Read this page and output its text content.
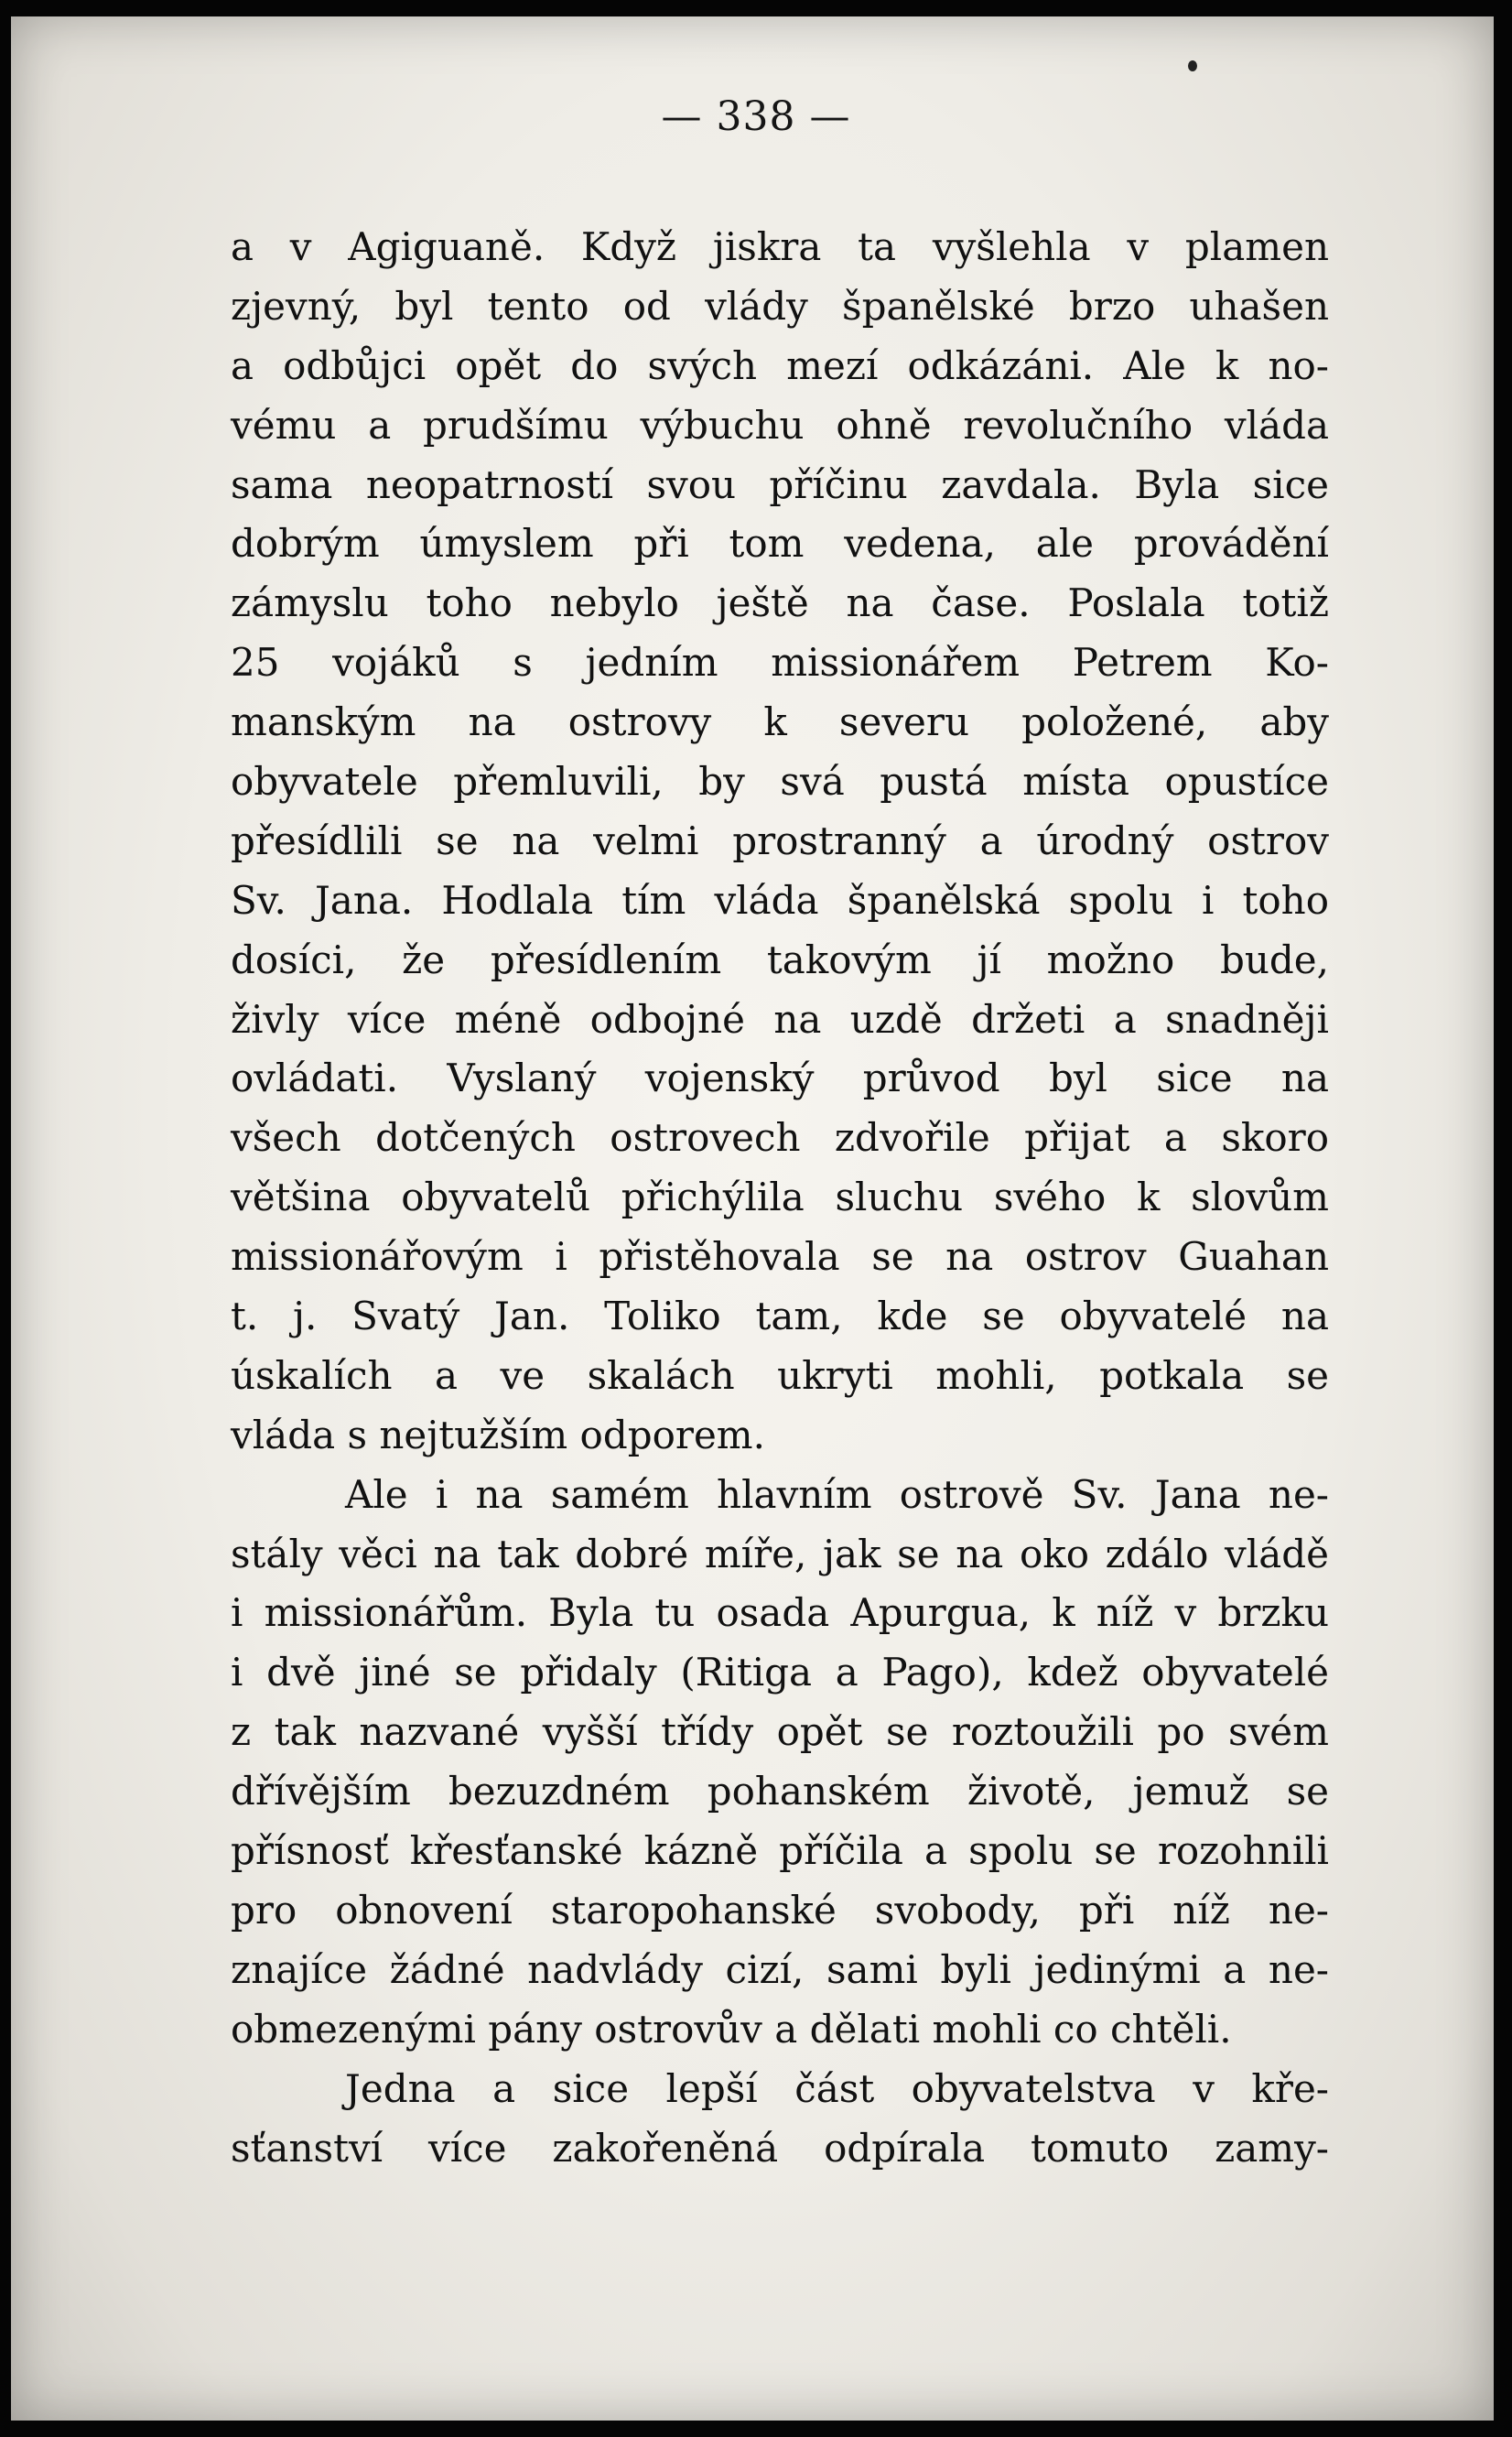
— 338 —
a v Agiguaně. Když jiskra ta vyšlehla v plamen
zjevný, byl tento od vlády španělské brzo uhašen
a odbůjci opět do svých mezí odkázáni. Ale k no-
vému a prudšímu výbuchu ohně revolučního vláda
sama neopatrností svou příčinu zavdala. Byla sice
dobrým úmyslem při tom vedena, ale provádění
zámyslu toho nebylo ještě na čase. Poslala totiž
25 vojáků s jedním missionářem Petrem Ko-
manským na ostrovy k severu položené, aby
obyvatele přemluvili, by svá pustá místa opustíce
přesídlili se na velmi prostranný a úrodný ostrov
Sv. Jana. Hodlala tím vláda španělská spolu i toho
dosíci, že přesídlením takovým jí možno bude,
živly více méně odbojné na uzdě držeti a snadněji
ovládati. Vyslaný vojenský průvod byl sice na
všech dotčených ostrovech zdvořile přijat a skoro
většina obyvatelů přichýlila sluchu svého k slovům
missionářovým i přistěhovala se na ostrov Guahan
t. j. Svatý Jan. Toliko tam, kde se obyvatelé na
úskalích a ve skalách ukryti mohli, potkala se
vláda s nejtužším odporem.
Ale i na samém hlavním ostrově Sv. Jana ne-
stály věci na tak dobré míře, jak se na oko zdálo vládě
i missionářům. Byla tu osada Apurgua, k níž v brzku
i dvě jiné se přidaly (Ritiga a Pago), kdež obyvatelé
z tak nazvané vyšší třídy opět se roztoužili po svém
dřívějším bezuzdném pohanském životě, jemuž se
přísnosť křesťanské kázně příčila a spolu se rozohnili
pro obnovení staropohanské svobody, při níž ne-
znajíce žádné nadvlády cizí, sami byli jedinými a ne-
obmezenými pány ostrovův a dělati mohli co chtěli.
Jedna a sice lepší část obyvatelstva v kře-
sťanství více zakořeněná odpírala tomuto zamy-
